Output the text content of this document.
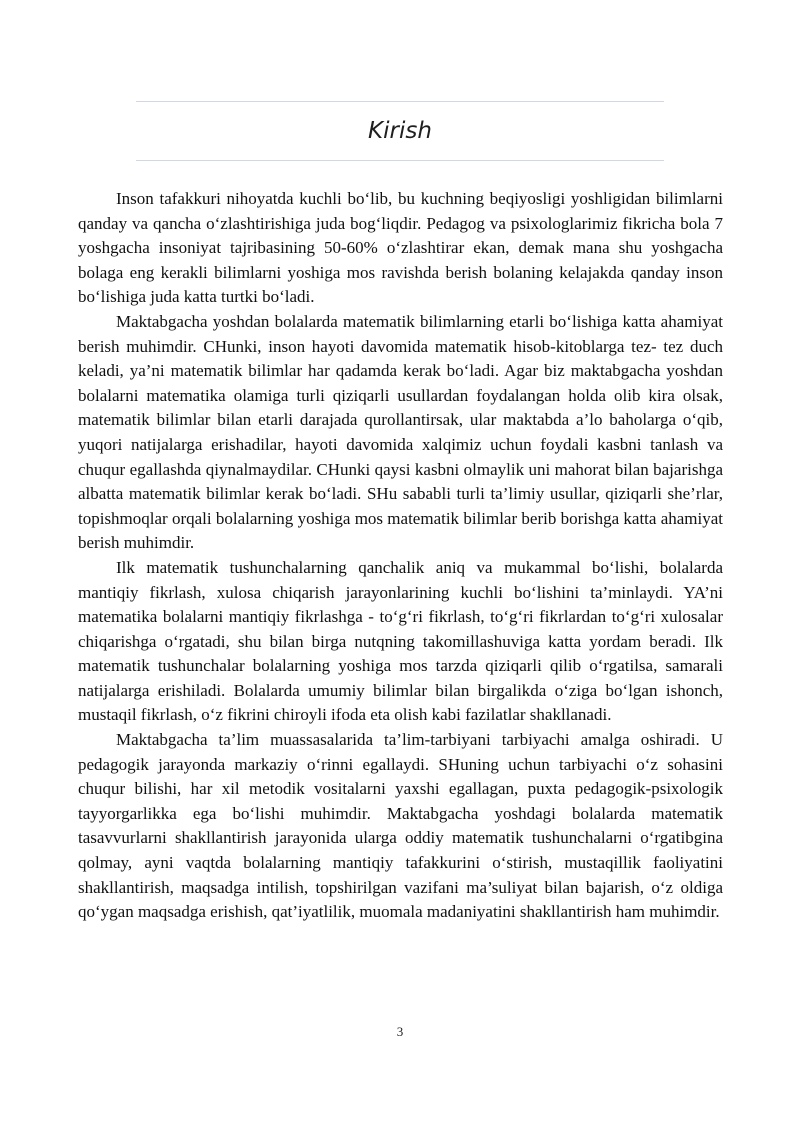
Kirish

Inson tafakkuri nihoyatda kuchli bo‘lib, bu kuchning beqiyosligi yoshligidan bilimlarni qanday va qancha o‘zlashtirishiga juda bog‘liqdir. Pedagog va psixologlarimiz fikricha bola 7 yoshgacha insoniyat tajribasining 50-60% o‘zlashtirar ekan, demak mana shu yoshgacha bolaga eng kerakli bilimlarni yoshiga mos ravishda berish bolaning kelajakda qanday inson bo‘lishiga juda katta turtki bo‘ladi.

Maktabgacha yoshdan bolalarda matematik bilimlarning etarli bo‘lishiga katta ahamiyat berish muhimdir. CHunki, inson hayoti davomida matematik hisob-kitoblarga tez- tez duch keladi, ya’ni matematik bilimlar har qadamda kerak bo‘ladi. Agar biz maktabgacha yoshdan bolalarni matematika olamiga turli qiziqarli usullardan foydalangan holda olib kira olsak, matematik bilimlar bilan etarli darajada qurollantirsak, ular maktabda a’lo baholarga o‘qib, yuqori natijalarga erishadilar, hayoti davomida xalqimiz uchun foydali kasbni tanlash va chuqur egallashda qiynalmaydilar. CHunki qaysi kasbni olmaylik uni mahorat bilan bajarishga albatta matematik bilimlar kerak bo‘ladi. SHu sababli turli ta’limiy usullar, qiziqarli she’rlar, topishmoqlar orqali bolalarning yoshiga mos matematik bilimlar berib borishga katta ahamiyat berish muhimdir.

Ilk matematik tushunchalarning qanchalik aniq va mukammal bo‘lishi, bolalarda mantiqiy fikrlash, xulosa chiqarish jarayonlarining kuchli bo‘lishini ta’minlaydi. YA’ni matematika bolalarni mantiqiy fikrlashga - to‘g‘ri fikrlash, to‘g‘ri fikrlardan to‘g‘ri xulosalar chiqarishga o‘rgatadi, shu bilan birga nutqning takomillashuviga katta yordam beradi. Ilk matematik tushunchalar bolalarning yoshiga mos tarzda qiziqarli qilib o‘rgatilsa, samarali natijalarga erishiladi. Bolalarda umumiy bilimlar bilan birgalikda o‘ziga bo‘lgan ishonch, mustaqil fikrlash, o‘z fikrini chiroyli ifoda eta olish kabi fazilatlar shakllanadi.

Maktabgacha ta’lim muassasalarida ta’lim-tarbiyani tarbiyachi amalga oshiradi. U pedagogik jarayonda markaziy o‘rinni egallaydi. SHuning uchun tarbiyachi o‘z sohasini chuqur bilishi, har xil metodik vositalarni yaxshi egallagan, puxta pedagogik-psixologik tayyorgarlikka ega bo‘lishi muhimdir. Maktabgacha yoshdagi bolalarda matematik tasavvurlarni shakllantirish jarayonida ularga oddiy matematik tushunchalarni o‘rgatibgina qolmay, ayni vaqtda bolalarning mantiqiy tafakkurini o‘stirish, mustaqillik faoliyatini shakllantirish, maqsadga intilish, topshirilgan vazifani ma’suliyat bilan bajarish, o‘z oldiga qo‘ygan maqsadga erishish, qat’iyatlilik, muomala madaniyatini shakllantirish ham muhimdir.

3
